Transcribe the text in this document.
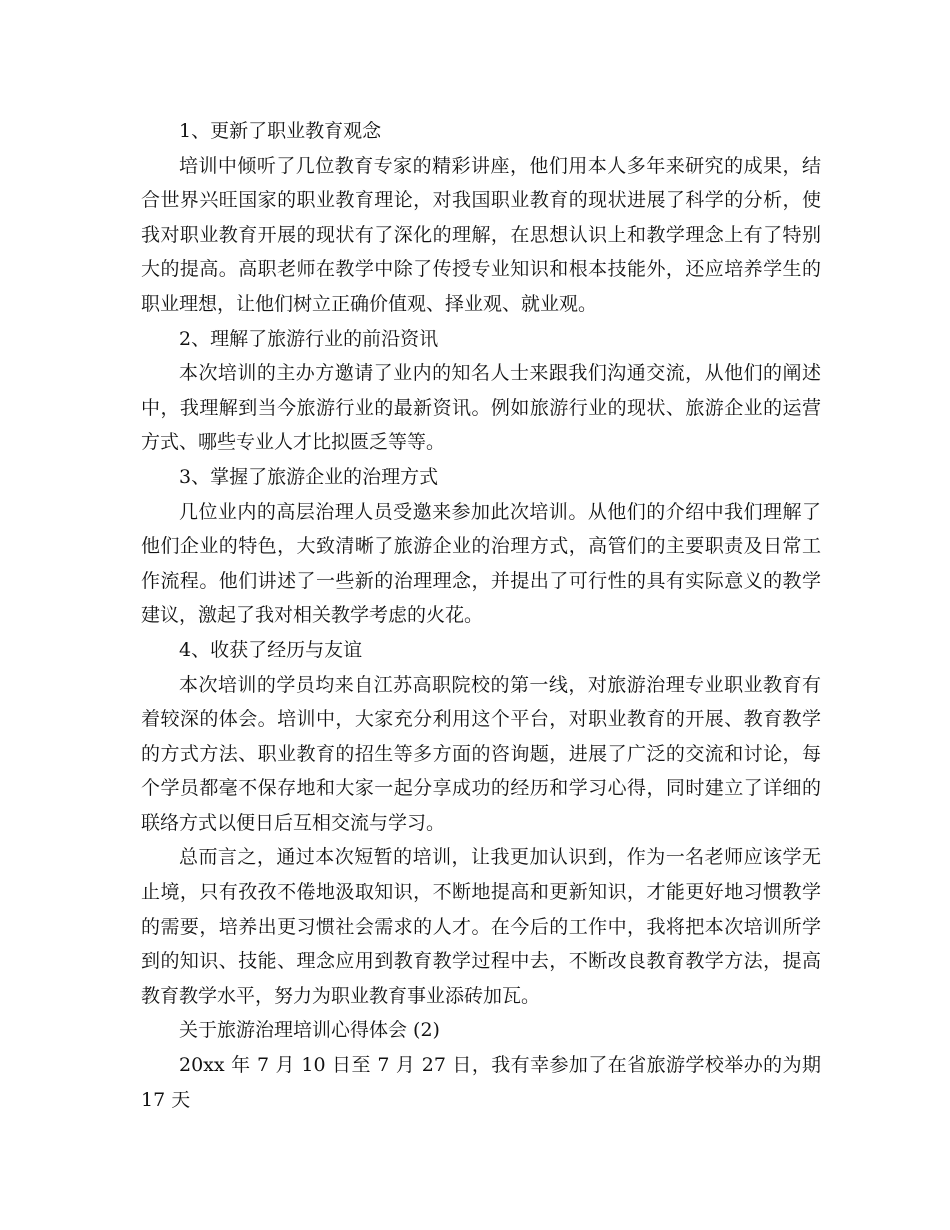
1、更新了职业教育观念

培训中倾听了几位教育专家的精彩讲座，他们用本人多年来研究的成果，结合世界兴旺国家的职业教育理论，对我国职业教育的现状进展了科学的分析，使我对职业教育开展的现状有了深化的理解，在思想认识上和教学理念上有了特别大的提高。高职老师在教学中除了传授专业知识和根本技能外，还应培养学生的职业理想，让他们树立正确价值观、择业观、就业观。

2、理解了旅游行业的前沿资讯

本次培训的主办方邀请了业内的知名人士来跟我们沟通交流，从他们的阐述中，我理解到当今旅游行业的最新资讯。例如旅游行业的现状、旅游企业的运营方式、哪些专业人才比拟匮乏等等。

3、掌握了旅游企业的治理方式

几位业内的高层治理人员受邀来参加此次培训。从他们的介绍中我们理解了他们企业的特色，大致清晰了旅游企业的治理方式，高管们的主要职责及日常工作流程。他们讲述了一些新的治理理念，并提出了可行性的具有实际意义的教学建议，激起了我对相关教学考虑的火花。

4、收获了经历与友谊

本次培训的学员均来自江苏高职院校的第一线，对旅游治理专业职业教育有着较深的体会。培训中，大家充分利用这个平台，对职业教育的开展、教育教学的方式方法、职业教育的招生等多方面的咨询题，进展了广泛的交流和讨论，每个学员都毫不保存地和大家一起分享成功的经历和学习心得，同时建立了详细的联络方式以便日后互相交流与学习。

总而言之，通过本次短暂的培训，让我更加认识到，作为一名老师应该学无止境，只有孜孜不倦地汲取知识，不断地提高和更新知识，才能更好地习惯教学的需要，培养出更习惯社会需求的人才。在今后的工作中，我将把本次培训所学到的知识、技能、理念应用到教育教学过程中去，不断改良教育教学方法，提高教育教学水平，努力为职业教育事业添砖加瓦。

关于旅游治理培训心得体会 (2)

20xx 年 7 月 10 日至 7 月 27 日，我有幸参加了在省旅游学校举办的为期 17 天
